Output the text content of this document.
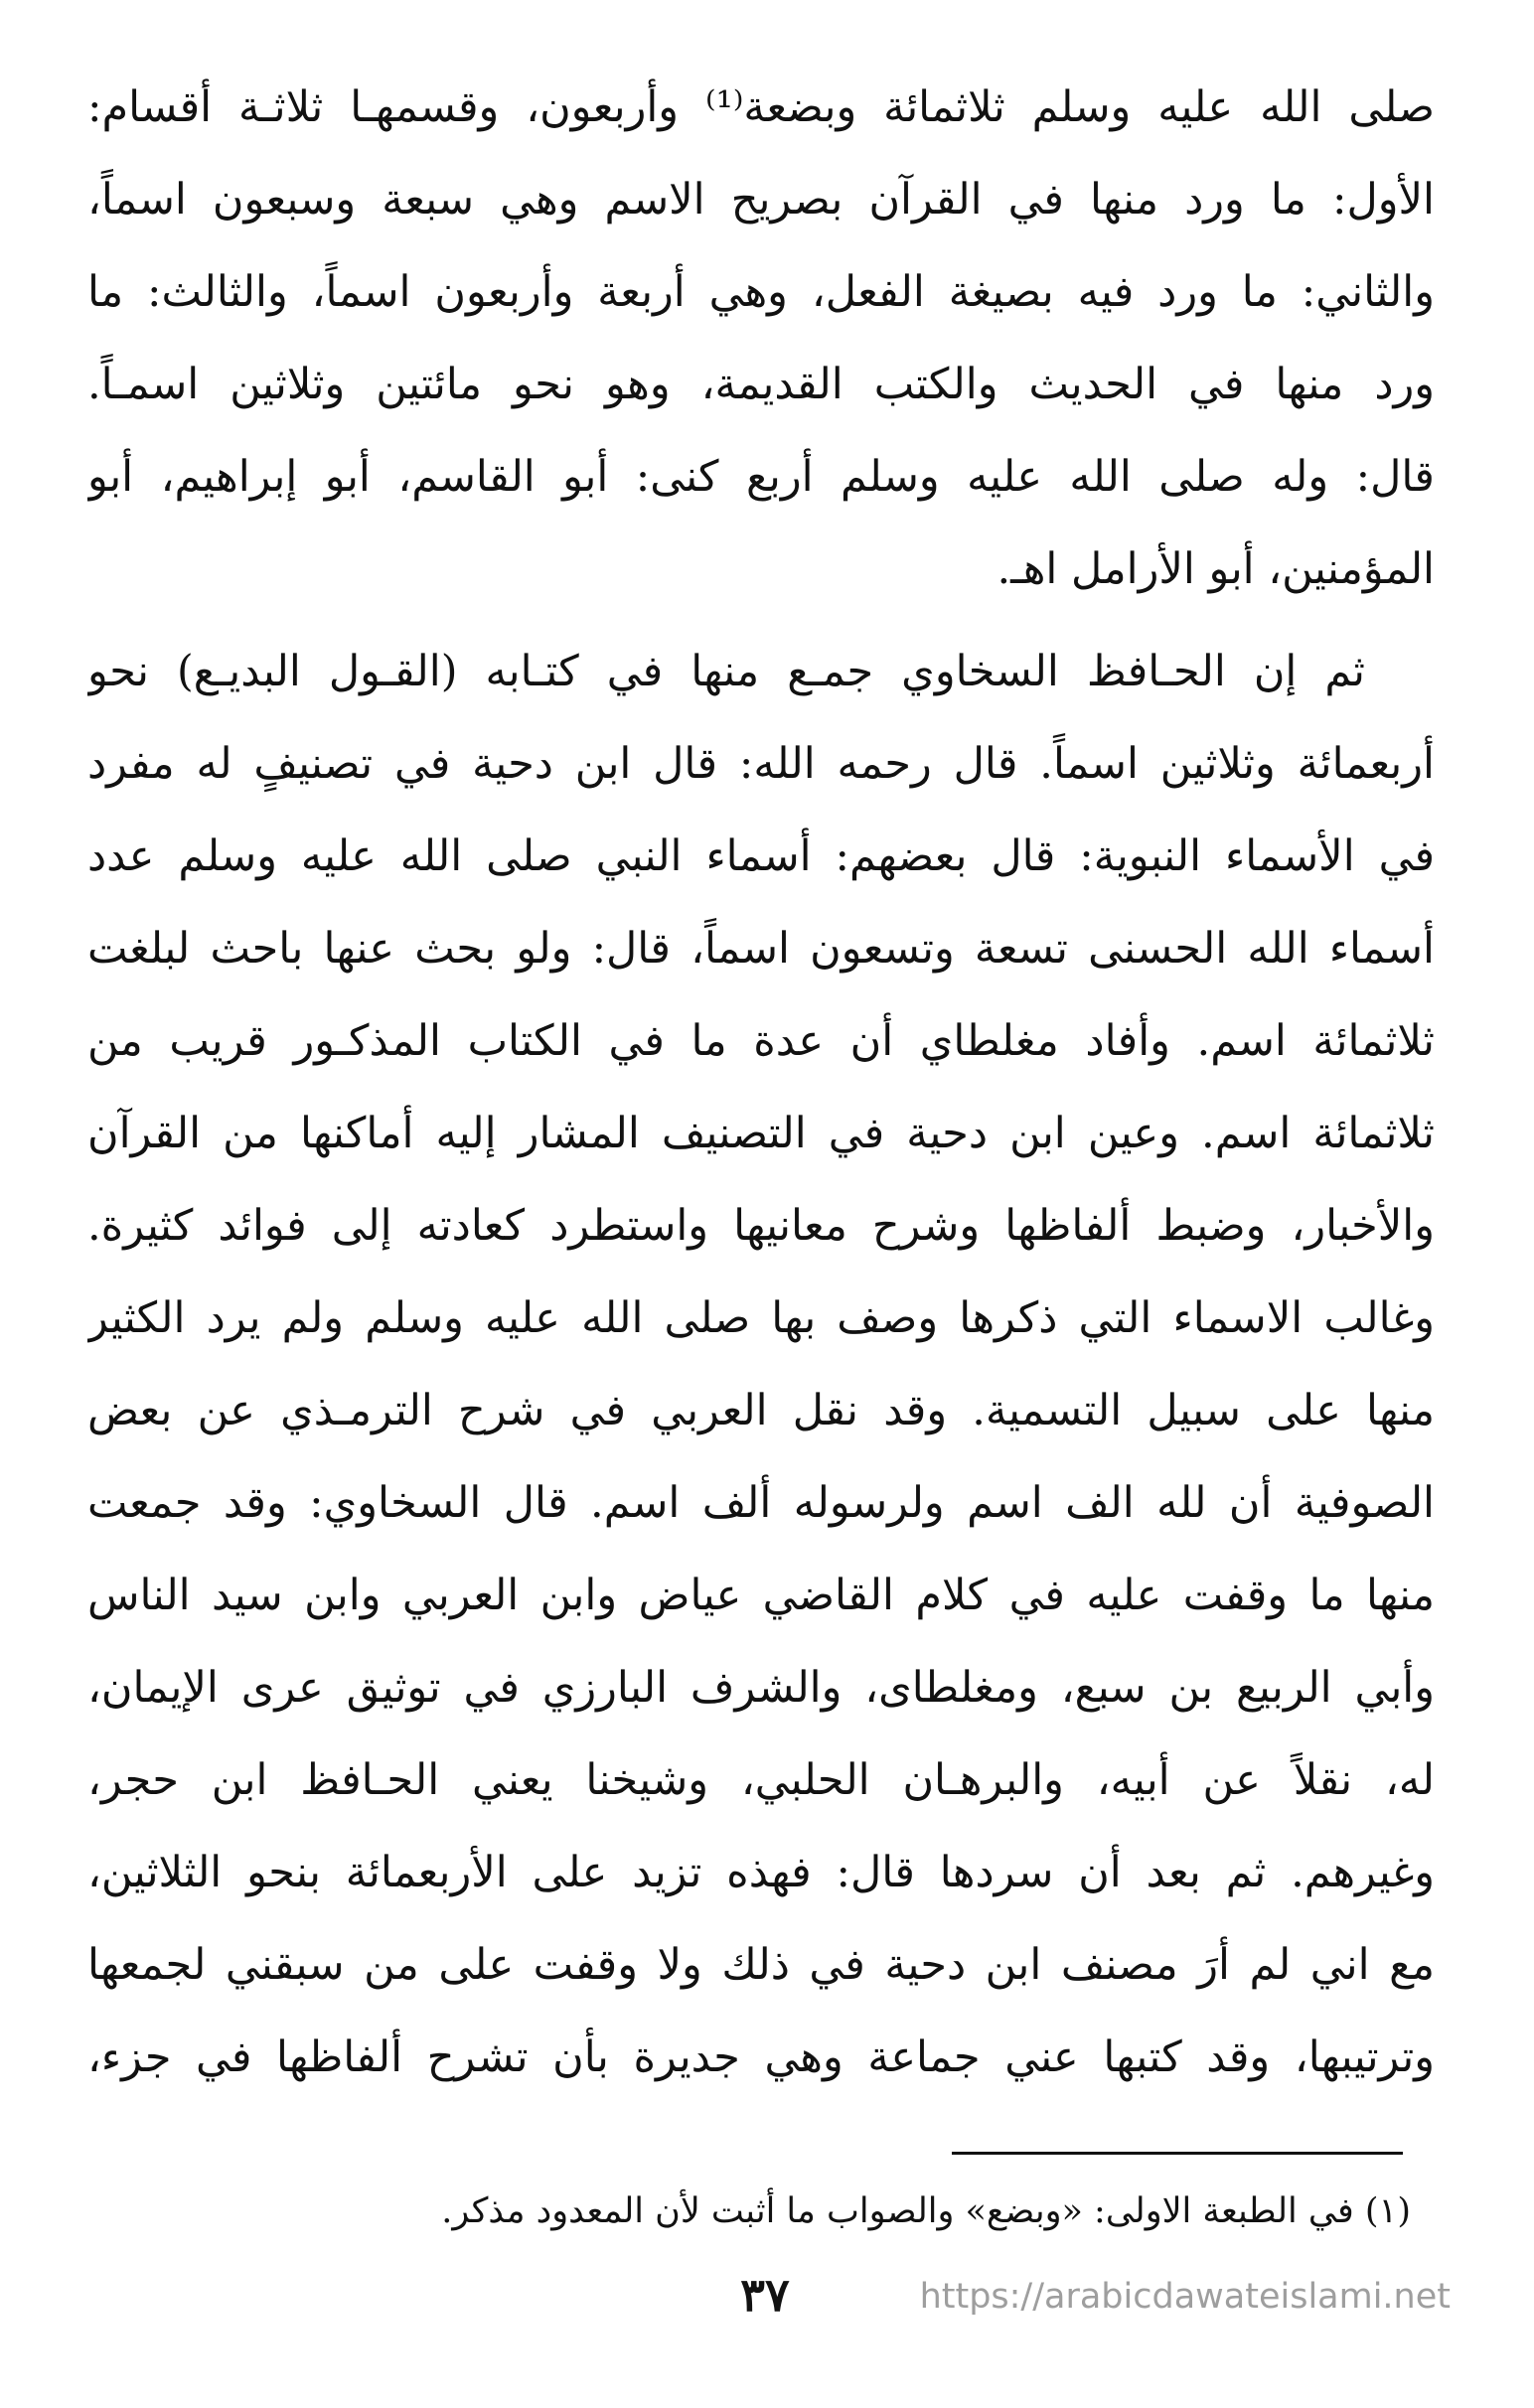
صلى الله عليه وسلم ثلاثمائة وبضعة⁽¹⁾ وأربعون، وقسمهـا ثلاثـة أقسام:
الأول: ما ورد منها في القرآن بصريح الاسم وهي سبعة وسبعون اسماً،
والثاني: ما ورد فيه بصيغة الفعل، وهي أربعة وأربعون اسماً، والثالث: ما
ورد منها في الحديث والكتب القديمة، وهو نحو مائتين وثلاثين اسمـاً.
قال: وله صلى الله عليه وسلم أربع كنى: أبو القاسم، أبو إبراهيم، أبو
المؤمنين، أبو الأرامل اهـ.
ثم إن الحـافظ السخاوي جمـع منها في كتـابه (القـول البديـع) نحو
أربعمائة وثلاثين اسماً. قال رحمه الله: قال ابن دحية في تصنيفٍ له مفرد
في الأسماء النبوية: قال بعضهم: أسماء النبي صلى الله عليه وسلم عدد
أسماء الله الحسنى تسعة وتسعون اسماً، قال: ولو بحث عنها باحث لبلغت
ثلاثمائة اسم. وأفاد مغلطاي أن عدة ما في الكتاب المذكـور قريب من
ثلاثمائة اسم. وعين ابن دحية في التصنيف المشار إليه أماكنها من القرآن
والأخبار، وضبط ألفاظها وشرح معانيها واستطرد كعادته إلى فوائد كثيرة.
وغالب الاسماء التي ذكرها وصف بها صلى الله عليه وسلم ولم يرد الكثير
منها على سبيل التسمية. وقد نقل العربي في شرح الترمـذي عن بعض
الصوفية أن لله الف اسم ولرسوله ألف اسم. قال السخاوي: وقد جمعت
منها ما وقفت عليه في كلام القاضي عياض وابن العربي وابن سيد الناس
وأبي الربيع بن سبع، ومغلطاى، والشرف البارزي في توثيق عرى الإيمان،
له، نقلاً عن أبيه، والبرهـان الحلبي، وشيخنا يعني الحـافظ ابن حجر،
وغيرهم. ثم بعد أن سردها قال: فهذه تزيد على الأربعمائة بنحو الثلاثين،
مع اني لم أرَ مصنف ابن دحية في ذلك ولا وقفت على من سبقني لجمعها
وترتيبها، وقد كتبها عني جماعة وهي جديرة بأن تشرح ألفاظها في جزء،
(١) في الطبعة الاولى: «وبضع» والصواب ما أثبت لأن المعدود مذكر.
٣٧	https://arabicdawateislami.net
